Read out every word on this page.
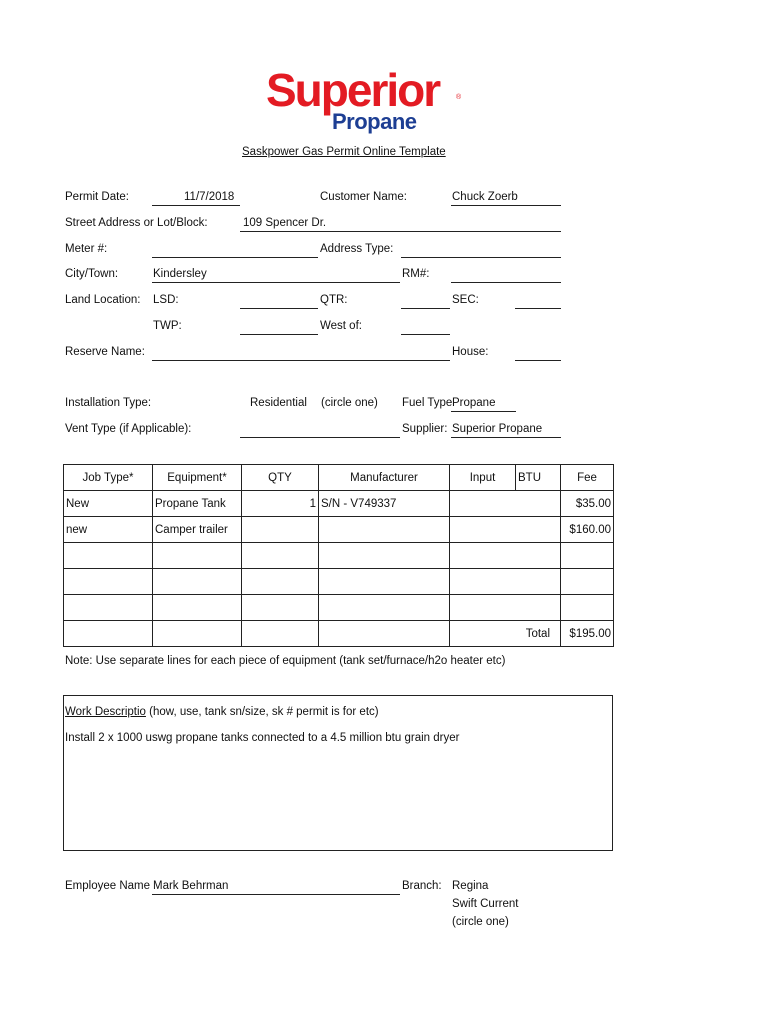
Superior ®
Propane
Saskpower Gas Permit Online Template
Permit Date:	11/7/2018	Customer Name:	Chuck Zoerb
Street Address or Lot/Block:	109 Spencer Dr.
Meter #:	Address Type:
City/Town:	Kindersley	RM#:
Land Location: LSD:	QTR:	SEC:
TWP:	West of:
Reserve Name:	House:
Installation Type:	Residential (circle one) Fuel Type Propane
Vent Type (if Applicable):	Supplier: Superior Propane
Job Type*	Equipment*	QTY	Manufacturer	Input	BTU	Fee
New	Propane Tank	1	S/N - V749337			$35.00
new	Camper trailer					$160.00

				Total		$195.00
Note: Use separate lines for each piece of equipment (tank set/furnace/h2o heater etc)
Work Descriptio (how, use, tank sn/size, sk # permit is for etc)
Install 2 x 1000 uswg propane tanks connected to a 4.5 million btu grain dryer
Employee Name Mark Behrman	Branch: Regina
Swift Current
(circle one)
